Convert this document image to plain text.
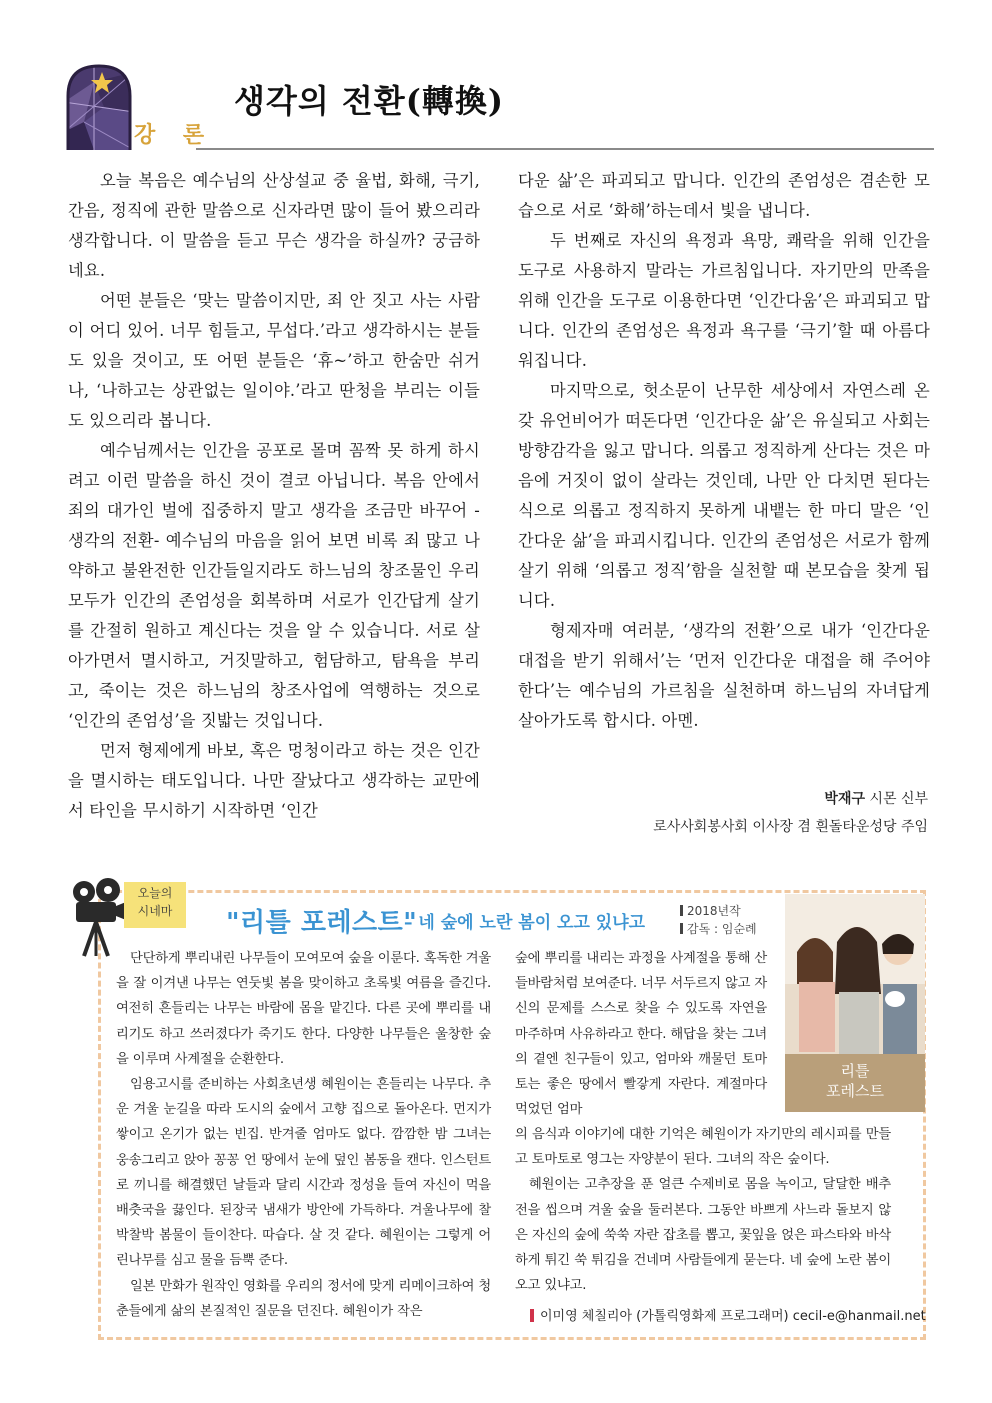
강 론
생각의 전환(轉換)

오늘 복음은 예수님의 산상설교 중 율법, 화해, 극기, 간음, 정직에 관한 말씀으로 신자라면 많이 들어 봤으리라 생각합니다. 이 말씀을 듣고 무슨 생각을 하실까? 궁금하네요.

어떤 분들은 ‘맞는 말씀이지만, 죄 안 짓고 사는 사람이 어디 있어. 너무 힘들고, 무섭다.’라고 생각하시는 분들도 있을 것이고, 또 어떤 분들은 ‘휴~’하고 한숨만 쉬거나, ‘나하고는 상관없는 일이야.’라고 딴청을 부리는 이들도 있으리라 봅니다.

예수님께서는 인간을 공포로 몰며 꼼짝 못 하게 하시려고 이런 말씀을 하신 것이 결코 아닙니다. 복음 안에서 죄의 대가인 벌에 집중하지 말고 생각을 조금만 바꾸어 -생각의 전환- 예수님의 마음을 읽어 보면 비록 죄 많고 나약하고 불완전한 인간들일지라도 하느님의 창조물인 우리 모두가 인간의 존엄성을 회복하며 서로가 인간답게 살기를 간절히 원하고 계신다는 것을 알 수 있습니다. 서로 살아가면서 멸시하고, 거짓말하고, 험담하고, 탐욕을 부리고, 죽이는 것은 하느님의 창조사업에 역행하는 것으로 ‘인간의 존엄성’을 짓밟는 것입니다.

먼저 형제에게 바보, 혹은 멍청이라고 하는 것은 인간을 멸시하는 태도입니다. 나만 잘났다고 생각하는 교만에서 타인을 무시하기 시작하면 ‘인간

다운 삶’은 파괴되고 맙니다. 인간의 존엄성은 겸손한 모습으로 서로 ‘화해’하는데서 빛을 냅니다.

두 번째로 자신의 욕정과 욕망, 쾌락을 위해 인간을 도구로 사용하지 말라는 가르침입니다. 자기만의 만족을 위해 인간을 도구로 이용한다면 ‘인간다움’은 파괴되고 맙니다. 인간의 존엄성은 욕정과 욕구를 ‘극기’할 때 아름다워집니다.

마지막으로, 헛소문이 난무한 세상에서 자연스레 온갖 유언비어가 떠돈다면 ‘인간다운 삶’은 유실되고 사회는 방향감각을 잃고 맙니다. 의롭고 정직하게 산다는 것은 마음에 거짓이 없이 살라는 것인데, 나만 안 다치면 된다는 식으로 의롭고 정직하지 못하게 내뱉는 한 마디 말은 ‘인간다운 삶’을 파괴시킵니다. 인간의 존엄성은 서로가 함께 살기 위해 ‘의롭고 정직’함을 실천할 때 본모습을 찾게 됩니다.

형제자매 여러분, ‘생각의 전환’으로 내가 ‘인간다운 대접을 받기 위해서’는 ‘먼저 인간다운 대접을 해 주어야 한다’는 예수님의 가르침을 실천하며 하느님의 자녀답게 살아가도록 합시다. 아멘.

박재구 시몬 신부
로사사회봉사회 이사장 겸 흰돌타운성당 주임
오늘의
시네마	"리틀 포레스트"
– 네 숲에 노란 봄이 오고 있냐고
2018년작
감독 : 임순례
리틀
포레스트

단단하게 뿌리내린 나무들이 모여모여 숲을 이룬다. 혹독한 겨울을 잘 이겨낸 나무는 연둣빛 봄을 맞이하고 초록빛 여름을 즐긴다. 여전히 흔들리는 나무는 바람에 몸을 맡긴다. 다른 곳에 뿌리를 내리기도 하고 쓰러졌다가 죽기도 한다. 다양한 나무들은 울창한 숲을 이루며 사계절을 순환한다.

임용고시를 준비하는 사회초년생 혜원이는 흔들리는 나무다. 추운 겨울 눈길을 따라 도시의 숲에서 고향 집으로 돌아온다. 먼지가 쌓이고 온기가 없는 빈집. 반겨줄 엄마도 없다. 깜깜한 밤 그녀는 웅송그리고 앉아 꽁꽁 언 땅에서 눈에 덮인 봄동을 캔다. 인스턴트로 끼니를 해결했던 날들과 달리 시간과 정성을 들여 자신이 먹을 배춧국을 끓인다. 된장국 냄새가 방안에 가득하다. 겨울나무에 찰박찰박 봄물이 들이찬다. 따습다. 살 것 같다. 혜원이는 그렇게 어린나무를 심고 물을 듬뿍 준다.

일본 만화가 원작인 영화를 우리의 정서에 맞게 리메이크하여 청춘들에게 삶의 본질적인 질문을 던진다. 혜원이가 작은

숲에 뿌리를 내리는 과정을 사계절을 통해 산들바람처럼 보여준다. 너무 서두르지 않고 자신의 문제를 스스로 찾을 수 있도록 자연을 마주하며 사유하라고 한다. 해답을 찾는 그녀의 곁엔 친구들이 있고, 엄마와 깨물던 토마토는 좋은 땅에서 빨갛게 자란다. 계절마다 먹었던 엄마

의 음식과 이야기에 대한 기억은 혜원이가 자기만의 레시피를 만들고 토마토로 영그는 자양분이 된다. 그녀의 작은 숲이다.

혜원이는 고추장을 푼 얼큰 수제비로 몸을 녹이고, 달달한 배추전을 씹으며 겨울 숲을 둘러본다. 그동안 바쁘게 사느라 돌보지 않은 자신의 숲에 쑥쑥 자란 잡초를 뽑고, 꽃잎을 얹은 파스타와 바삭하게 튀긴 쑥 튀김을 건네며 사람들에게 묻는다. 네 숲에 노란 봄이 오고 있냐고.

이미영 체칠리아 (가톨릭영화제 프로그래머) cecil-e@hanmail.net
